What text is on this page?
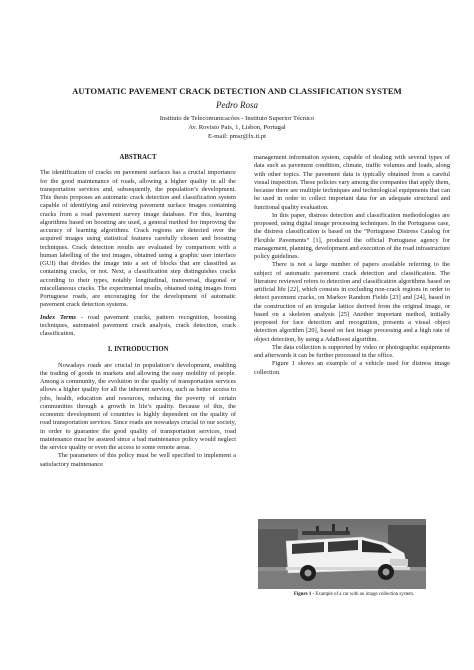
AUTOMATIC PAVEMENT CRACK DETECTION AND CLASSIFICATION SYSTEM
Pedro Rosa
Instituto de Telecomunicacões - Instituto Superior Técnico
Av. Rovisto Pais, 1, Lisbon, Portugal
E-mail: pmsr@lx.it.pt

ABSTRACT

The identification of cracks on pavement surfaces has a crucial importance for the good maintenance of roads, allowing a higher quality in all the transportation services and, subsequently, the population’s development. This thesis proposes an automatic crack detection and classification system capable of identifying and retrieving pavement surface images containing cracks from a road pavement survey image database. For this, learning algorithms based on boosting are used, a general method for improving the accuracy of learning algorithms. Crack regions are detected over the acquired images using statistical features carefully chosen and boosting techniques. Crack detection results are evaluated by comparison with a human labelling of the test images, obtained using a graphic user interface (GUI) that divides the image into a set of blocks that are classified as containing cracks, or not. Next, a classification step distinguishes cracks according to their types, notably longitudinal, transversal, diagonal or miscellaneous cracks. The experimental results, obtained using images from Portuguese roads, are encouraging for the development of automatic pavement crack detection systems.

Index Terms - road pavement cracks, pattern recognition, boosting techniques, automated pavement crack analysis, crack detection, crack classification.

1. INTRODUCTION

Nowadays roads are crucial in population’s development, enabling the trading of goods in markets and allowing the easy mobility of people. Among a community, the evolution in the quality of transportation services allows a higher quality for all the inherent services, such as better access to jobs, health, education and resources, reducing the poverty of certain communities through a growth in life’s quality. Because of this, the economic development of countries is highly dependent on the quality of road transportation services. Since roads are nowadays crucial to our society, in order to guarantee the good quality of transportation services, road maintenance must be assured since a bad maintenance policy would neglect the service quality or even the access to some remote areas.

The parameters of this policy must be well specified to implement a satisfactory maintenance

management information system, capable of dealing with several types of data such as pavement condition, climate, traffic volumes and loads, along with other topics. The pavement data is typically obtained from a careful visual inspection. These policies vary among the companies that apply them, because there are multiple techniques and technological equipments that can be used in order to collect important data for an adequate structural and functional quality evaluation.

In this paper, distress detection and classification methodologies are proposed, using digital image processing techniques. In the Portuguese case, the distress classification is based on the “Portuguese Distress Catalog for Flexible Pavements” [1], produced the official Portuguese agency for management, planning, development and execution of the road infrastructure policy guidelines.

There is not a large number of papers available referring to the subject of automatic pavement crack detection and classification. The literature reviewed refers to detection and classification algorithms based on artificial life [22], which consists in excluding non-crack regions in order to detect pavement cracks, on Markov Random Fields [23] and [24], based in the construction of an irregular lattice derived from the original image, or based on a skeleton analysis [25] Another important method, initially proposed for face detection and recognition, presents a visual object detection algorithm [20], based on fast image processing and a high rate of object detection, by using a AdaBoost algorithm.

The data collection is supported by video or photographic equipments and afterwards it can be further processed in the office.

Figure 1 shows an example of a vehicle used for distress image collection.

Figure 1 - Example of a car with an image collection system.
